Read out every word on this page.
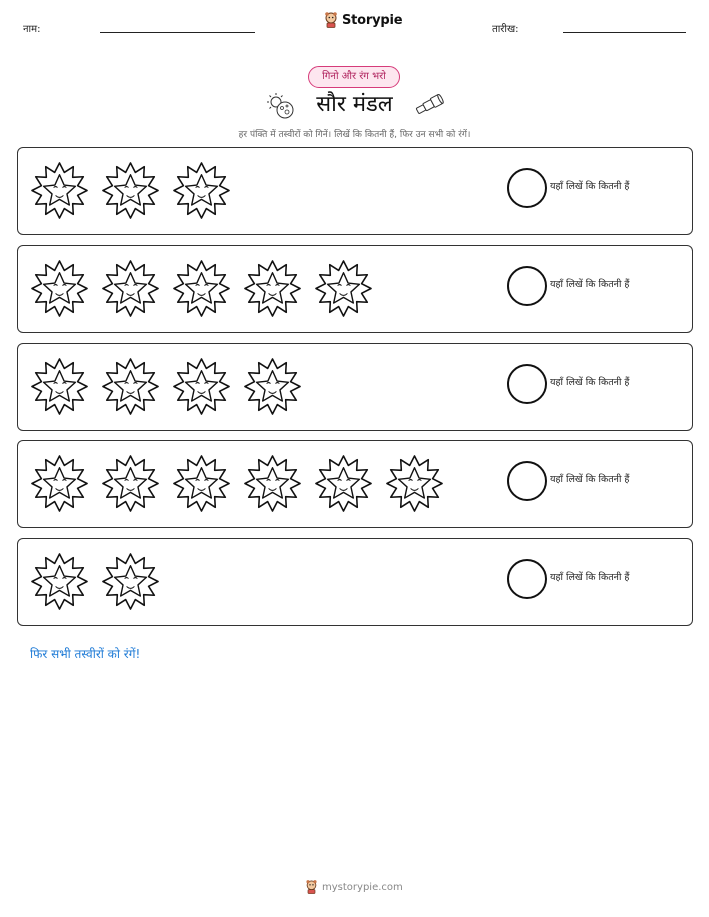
नाम:
Storypie
तारीख:
गिनो और रंग भरो
सौर मंडल
हर पंक्ति में तस्वीरों को गिनें। लिखें कि कितनी हैं, फिर उन सभी को रंगें।
यहाँ लिखें कि कितनी हैं
यहाँ लिखें कि कितनी हैं
यहाँ लिखें कि कितनी हैं
यहाँ लिखें कि कितनी हैं
यहाँ लिखें कि कितनी हैं
फिर सभी तस्वीरों को रंगें!
mystorypie.com
